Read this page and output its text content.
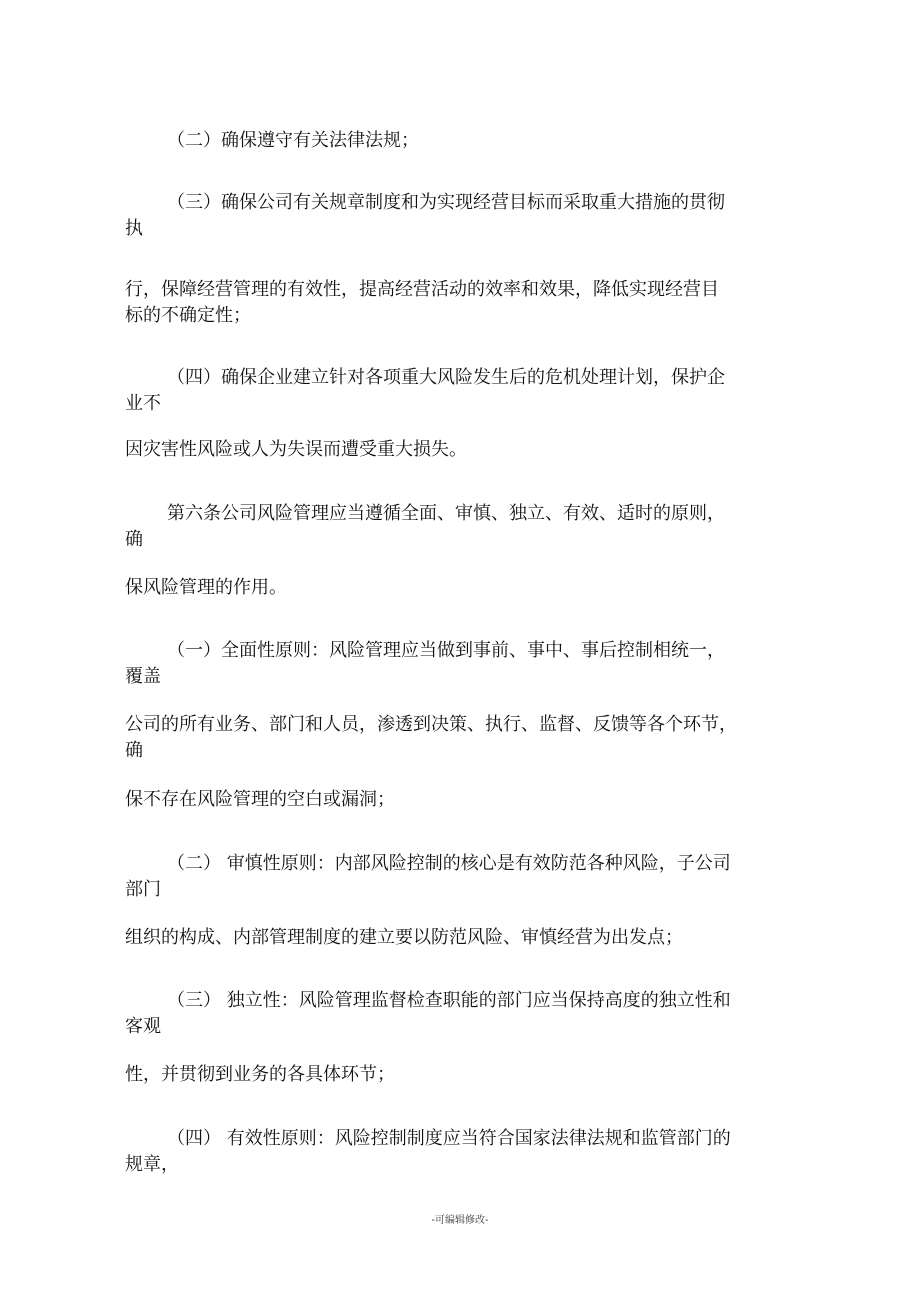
（二）确保遵守有关法律法规；

（三）确保公司有关规章制度和为实现经营目标而采取重大措施的贯彻

执

行，保障经营管理的有效性，提高经营活动的效率和效果，降低实现经营目

标的不确定性；

（四）确保企业建立针对各项重大风险发生后的危机处理计划，保护企

业不

因灾害性风险或人为失误而遭受重大损失。

第六条公司风险管理应当遵循全面、审慎、独立、有效、适时的原则，

确

保风险管理的作用。

（一）全面性原则：风险管理应当做到事前、事中、事后控制相统一，

覆盖

公司的所有业务、部门和人员，渗透到决策、执行、监督、反馈等各个环节，

确

保不存在风险管理的空白或漏洞；

（二） 审慎性原则：内部风险控制的核心是有效防范各种风险，子公司

部门

组织的构成、内部管理制度的建立要以防范风险、审慎经营为出发点；

（三） 独立性：风险管理监督检查职能的部门应当保持高度的独立性和

客观

性，并贯彻到业务的各具体环节；

（四） 有效性原则：风险控制制度应当符合国家法律法规和监管部门的

规章，

-可编辑修改-
